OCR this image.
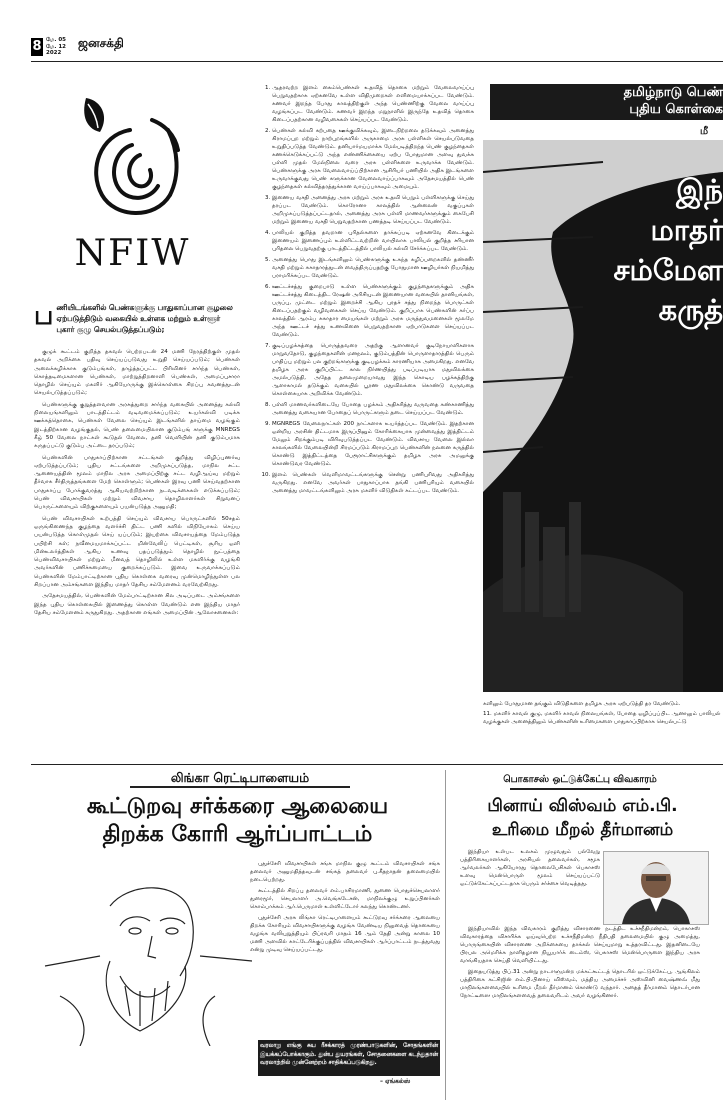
8 மே. 05
மே. 12
2022
ஜனசக்தி
NFIW
ப ணியிடங்களில் பெண்களுக்கு பாதுகாப்பான சூழலை ஏற்படுத்திடும் வகையில் உள்ளக மற்றும் உள்ளூர் புகார் குழு செயல்படுத்தப்படும்;

குழுக் கூட்டம் குறித்த தகவல் பெற்றபடன் 24 மணி நேரத்திற்குள் முதல் தகவல் அறிக்கை பதிவு செய்யப்படுவது உறுதி செய்யப்படும்; பெண்கள் அலைக்கழிக்காக குடும்பங்கள், தாழ்த்தப்பட்ட பிரிவினர் சார்ந்த பெண்கள், கொத்தடிமைகளான பெண்கள், மாற்றுத்திறனாளி பெண்கள், அமைப்புசாரா தொழில் செய்யும் மகளிர் ஆகியோருக்கு இக்கொள்கை சிறப்பு கவனத்துடன் செயல்படுத்தப்படும்;

பெண்களுக்கு குறுத்தளவான அரசுத்துறை சார்ந்த வகையில் அனைத்து கல்வி நிலையங்களிலும் பாடத்திட்டம் வடிவமைக்கப்படும்; உயர்கல்வி படிக்க ஊக்கத்தொகை, பெண்கள் வேலை செய்யும் இடங்களில் தாய்மை வழங்கும் இடத்திற்கான வழங்குதல், பெண் தலைமையிலான குடும்பங் களுக்கு MNREGS கீழ் 50 வேலை நாட்கள் கூடுதல் வேலை, தனி வெளியின் தனி குடும்பமாக கருதப்பட்டு குடும்ப அட்டை தரப்படும்;

பெண்களின் பாதுகாப்பிற்கான சட்டங்கள் குறித்து விழிப்புணர்வு ஏற்படுத்தப்படும்; புதிய சட்டங்களை அறிமுகப்படுத்த, மாநில சட்ட ஆணையத்தின் மூலம் மாநில அரசு அமைப்பிற்கு சட்ட வழிஆய்வு மற்றும் தீர்வாக சீர்திருத்தங்களை மேற் கொள்ளும்; பெண்கள் இரவு பணி செய்வதற்கான பாதுகாப்பு போக்குவரத்து ஆகியவற்றிற்கான நடவடிக்கைகள் எடுக்கப்படும்; பெண் விவசாயிகள் மற்றும் விவசாய தொழிலாளர்கள் சிறுவனப் பொருட்களையும் விற்குகளையும் பயன்படுத்த அனுமதி;

பெண் விவசாயிகள் உற்பத்தி செய்யும் விவசாய பொருட்களில் 50சதம் ஒருங்கிணைந்த குழந்தை வளர்ச்சி திட்ட பணி களில் விநியோகம் செய்ய பயன்படுத்த கொள்முதல் செய் யப்படும்; இயற்கை விவசாயத்தை மேம்படுத்த பயிற்சி கள்; நவீனமயமாக்கப்பட்ட மின்வேலிப் பெட்டிகள், சூரிய ஒளி மின்உலர்த்திகள் ஆகிய உணவு பதப்படுத்தும் தொழில் நுட்பத்தை பெண்விவசாயிகள் மற்றும் மீனவத் தொழிலில் உள்ள மகளிர்க்கு வழங்கி அவர்களின் பணிச்சுமையை குறைக்கப்படும். இவை உருவாக்கப்படும் பெண்களின் மேம்பாட்டிற்கான புதிய கொள்கை வரைவு முன்மொழிந்துள்ள பல சிறப்பான அம்சங்களை இந்திய மாதர் தேசிய சம்மேளனம் வரவேற்கிறது.

அதேசமயத்தில், பெண்களின் மேம்பாட்டிற்கான சில அடிப்படை அம்சங்களை இந்த புதிய கொள்கையில் இணைத்து கொள்ள வேண்டும் என இந்திய மாதர் தேசிய சம்மேளனம் கருதுகிறது. அதற்கான எங்கள் அமைப்பின் ஆலோசனைகள்:

1. ஆதரவற்ற இளம் கைம்பெண்கள் உதவித் தொகை மற்றும் வேலைவாய்ப்பு பெறுவதற்காக ஏற்கனவே உள்ள விதிமுறைகள் எளிமையாக்கப்பட வேண்டும். கணவர் இறந்த போது காலத்திற்குள் அந்த பெண்ணிற்கு வேலை வாய்ப்பு வழங்கப்பட வேண்டும். கணவர் இறந்த மறுநாளில் இருந்தே உதவித் தொகை கிடைப்பதற்கான வழிவகைகள் செய்யப்பட வேண்டும்.
2. பெண்கள் கல்வி கற்பதை ஊக்குவிக்கவும், இடைநிற்றலை தடுக்கவும் அனைத்து கிராமப்புற மற்றும் நாற்புறங்களில் அருகாமை அரசு பள்ளிகள் செயல்படுவதை உறுதிப்படுத்த வேண்டும். தனியார்மயமாக்க மேல்படித்திறந்த பெண் குழந்தைகள் கணக்கெடுக்கப்பட்டு அந்த எண்ணிக்கையை ஏற்ப போதுமான அளவு துவக்க பள்ளி முதல் மேல்நிலை வரை அரசு பள்ளிகளை உருவாக்க வேண்டும். பெண்களுக்கு அரசு வேலைவாய்ப்பிற்கான ஆசிரியர் பணியில் அதிக இடங்களை உருவாக்குவது பெண் களுக்கான வேலைவாய்ப்பாகவும் அதேசமயத்தில் பெண் குழந்தைகள் கல்வித்தரத்துக்கான வாய்ப்பாகவும் அமையும்.
3. இணைய வசதி அனைத்து அரசு மற்றும் அரசு உதவி பெறும் பள்ளிகளுக்கு செய்து தரப்பட வேண்டும். கொரோனா காலத்தில் ஆன்லைன் வகுப்புகள் அறிமுகப்படுத்தப்பட்டதால், அனைத்து அரசு பள்ளி மாணவர்களுக்கும் கைபேசி மற்றும் இணைய வசதி பெறுவதற்கான பணத்தடி செய்யப்பட வேண்டும்.
4. பாலியல் குறித்த தவறான புரிதல்களை தாக்கப்படி ஏற்கனவே கிடைக்கும் இணையம் இணைப்பும் உள்ளிட்டவற்றின் வாயிலாக பாலியல் குறித்த சரியான புரிதலை பெறுவதற்கு பாடத்திட்டத்தில் பாலியல் கல்வி சேர்க்கப்பட வேண்டும்.
5. அனைத்து பொது இடங்களிலும் பெண்களுக்கு உகந்த கழிப்பறைகளில் தண்ணீர் வசதி மற்றும் சுகாதாரத்துடன் வைத்திருப்பதற்கு போதுமான ஊழியர்கள் நியமித்து பராமரிக்கப்பட வேண்டும்.
6. ஊட்டச்சத்து குறைபாடு உள்ள பெண்களுக்கும் குழந்தைகளுக்கும் அதிக ஊட்டச்சத்து கிடைத்திட ரேஷன் அரிசியுடன் இணையான வகையில் தானியங்கள், பருப்பு, முட்டை மற்றும் இறைச்சி ஆகிய புரதச் சத்து நிறைந்த பொருட்கள் கிடைப்பதற்கும் வழிவகைகள் செய்ய வேண்டும். குறிப்பாக பெண்களின் கர்ப்ப காலத்தில் ஆரம்ப சுகாதார மையங்கள் மற்றும் அரசு மருத்துவமனைகள் மூலமே அந்த ஊட்டச் சத்து உணவினை பெறுவதற்கான ஏற்பாடுகளை செய்யப்பட வேண்டும்.
7. குடிப்பழக்கத்தை பொருத்தவரை அதற்கு ஆளானவர் குடிநோயாளிகளாக மாறுவதோடு, குழந்தைகளின் மனநலம், குடும்பத்தின் பொருளாதாரத்தில் பெரும் பாதிப்பு மற்றும் பல குற்றங்களுக்கு குடிபழக்கம் காரணியாக அமைகிறது. எனவே தமிழக அரசு குறிப்பிட்ட கால நிர்ணயித்து படிப்படியாக மதுவிலக்கை அமல்படுத்தி, அதேத தலைமுறையாவது இந்த கொடிய பழக்கத்திற்கு ஆளாகாமல் தடுக்கும் வகையில் பூரண மதுவிலக்கை கொண்டு வருவதை கொள்கையாக அறிவிக்க வேண்டும்.
8. பள்ளி மாணவர்களிடையே போதை பழக்கம் அதிகரித்து வருவதை கண்காணித்து அனைத்து வகையான போதைப் பொருட்களும் தடை செய்யப்பட வேண்டும்.
9. MGNREGS வேலைநாட்கள் 200 நாட்களாக உயர்த்தப்பட வேண்டும். இதற்கான ஒன்றிய அரசின் திட்டமாக இருப்பினும் கோரிக்கையாக முன்வைத்து இத்திட்டம் மேலும் சிறக்கும்படி விரிவுபடுத்தப்பட வேண்டும். விவசாய வேலை இல்லா காலங்களில் வேலையின்றி சிரமப்படும் கிராமப்புற பெண்களின் நலனை கருத்தில் கொண்டு இத்திட்டத்தை பேரூராட்சிகளுக்கும் தமிழக அரசு அமலுக்கு கொண்டுவர வேண்டும்.
10. இளம் பெண்கள் வெளிமாவட்டங்களுக்கு சென்று பணிபுரிவது அதிகரித்து வருகிறது. எனவே அவர்கள் பாதுகாப்பாக தங்கி பணிபுரியும் வகையில் அனைத்து மாவட்டங்களிலும் அரசு மகளிர் விடுதிகள் கட்டப்பட வேண்டும்.
தமிழ்நாடு பெண்
புதிய கொள்கை
மீ
இந்
மாதர்
சம்மேள
கருத்

களிலும் போதுமான தங்கும் விடுதிகளை தமிழக அரசு ஏற்படுத்தி தர வேண்டும்.

11. மகளிர் காவல் குழு, மகளிர் காவல் நிலையங்கள், போதை ஒழிப்புப்பிட ஆனாலும் பாலியல் வழக்குகள் அனைத்திலும் பெண்களின் உரிமைகளை பாதுகாப்பிற்காக செயல்பட்டு

லிங்கா ரெட்டிபாளையம்
கூட்டுறவு சர்க்கரை ஆலையை
திறக்க கோரி ஆர்ப்பாட்டம்

புதுச்சேரி விவசாயிகள் சங்க மாநில குழு கூட்டம் விவசாயிகள் சங்க தலைவர் அனுமதித்தவுடன் சங்கத் தலைவர் பு.கீதநாதன் தலைமையில் நடைபெற்றது.

கூட்டத்தில் சிறப்பு தலைவர் எம்.பாசிரமாணி, துணை பொதுச்செயலாளர் துரைமூர், செயலாளர் அ.வெங்கடேசன், மாநிலக்குழு உறுப்பினர்கள் கொம்பாக்கம் ஆர்.பெருமாள் உள்ளிட்டோர் கலந்து கொண்டனர்.

புதுச்சேரி அரசு லிங்கா ரெட்டிபாளையம் கூட்டுறவு சர்க்கரை ஆலையை திறக்க கோரியும் விவசாயிகளுக்கு வழங்க வேண்டிய நிலுவைத் தொகையை வழங்க வலியுறுத்தியும் பிப்ரவரி மாதம் 16 ஆம் தேதி அன்று காலை 10 மணி அளவில் காட்டேரிக்குப்பத்தில் விவசாயிகள் ஆர்ப்பாட்டம் நடத்துவது என்று முடிவு செய்யப்பட்டது.

வரலாறு எங்கு சுய ரீசக்காரத் முரண்பாடுகளின், சோதங்களின் இயக்கப்போக்காகும். துன்ப துயரங்கள், சோதனைகளை கடந்துதான் வரலாற்றில் முன்னேற்றம் சாதிக்கப்படுகிறது.
– ஏங்கல்ஸ்
பொகாசஸ் ஒட்டுக்கேட்பு விவகாரம்
பினாய் விஸ்வம் எம்.பி.
உரிமை மீறல் தீர்மானம்

இந்தியா உள்பட உலகம் முழுவதும் பல்வேறு பத்திரிகையாளர்கள், அரசியல் தலைவர்கள், சமூக ஆர்வலர்கள் ஆகியோரது தொலைபேசிகள் பெகாசஸ் உளவு மென்பொருள் மூலம் செய்யப்பட்டு ஒட்டுக்கேட்கப்பட்டதாக பெரும் சர்ச்சை வெடித்தது.

இந்தியாவில் இந்த விவகாரம் குறித்து விசாரணை நடத்திட உச்சநீதிமன்றம், பொகாசஸ் விவகாரத்தை விசாரிக்க ஓய்வுபெற்ற உச்சநீதிமன்ற நீதிபதி தலைமையில் குழு அமைத்து, பொருங்கையின் விசாரணை அறிக்கையை தாக்கல் செய்யுமாறு உத்தரவிட்டது. இதனிடையே பிரபல அமெரிக்க நாளிதழான நியூயார்க் டைம்ஸ், பெகாசஸ் மென்பொருளை இந்திய அரசு வாங்கியதாக செய்தி வெளியிட்டது.

இதையடுத்து பிப்.31 அன்று நாடாளுமன்ற மக்கட்கூட்டத் தொடரில் ஒட்டுக்கேட்பு, ஆங்கிலம் பத்திரிகை கட்சிஜின் எம்.பி.பினாய் விஸ்வம், மத்திய அமைச்சர் அஸ்வினி வைஷ்ணவ் மீது மாநிலங்களவையில் உரிமை மீறல் தீர்மானம் கொண்டு வந்தார். அதைத் தீர்மானம் தொடர்பான நோட்டீஸை மாநிலங்களவைத் தலைவரிடம் அவர் வழங்கினார்.
